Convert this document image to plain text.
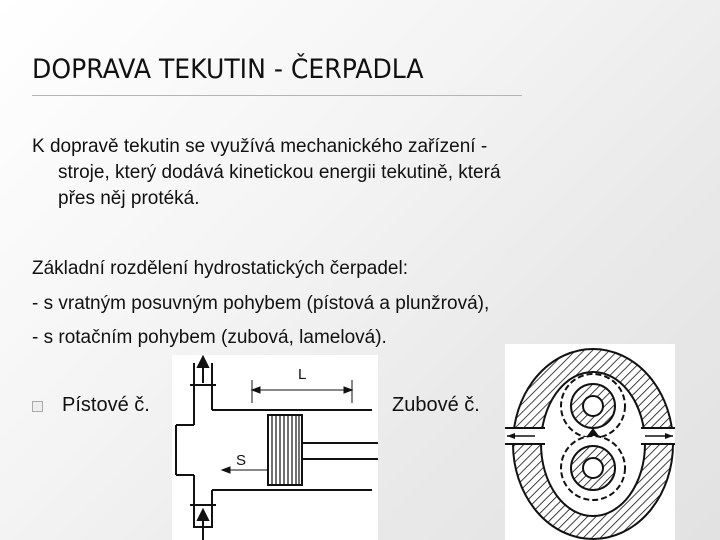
DOPRAVA TEKUTIN - ČERPADLA
K dopravě tekutin se využívá mechanického zařízení -
stroje, který dodává kinetickou energii tekutině, která
přes něj protéká.
Základní rozdělení hydrostatických čerpadel:
- s vratným posuvným pohybem (pístová a plunžrová),
- s rotačním pohybem (zubová, lamelová).
Pístové č.	Zubové č.
L
S
